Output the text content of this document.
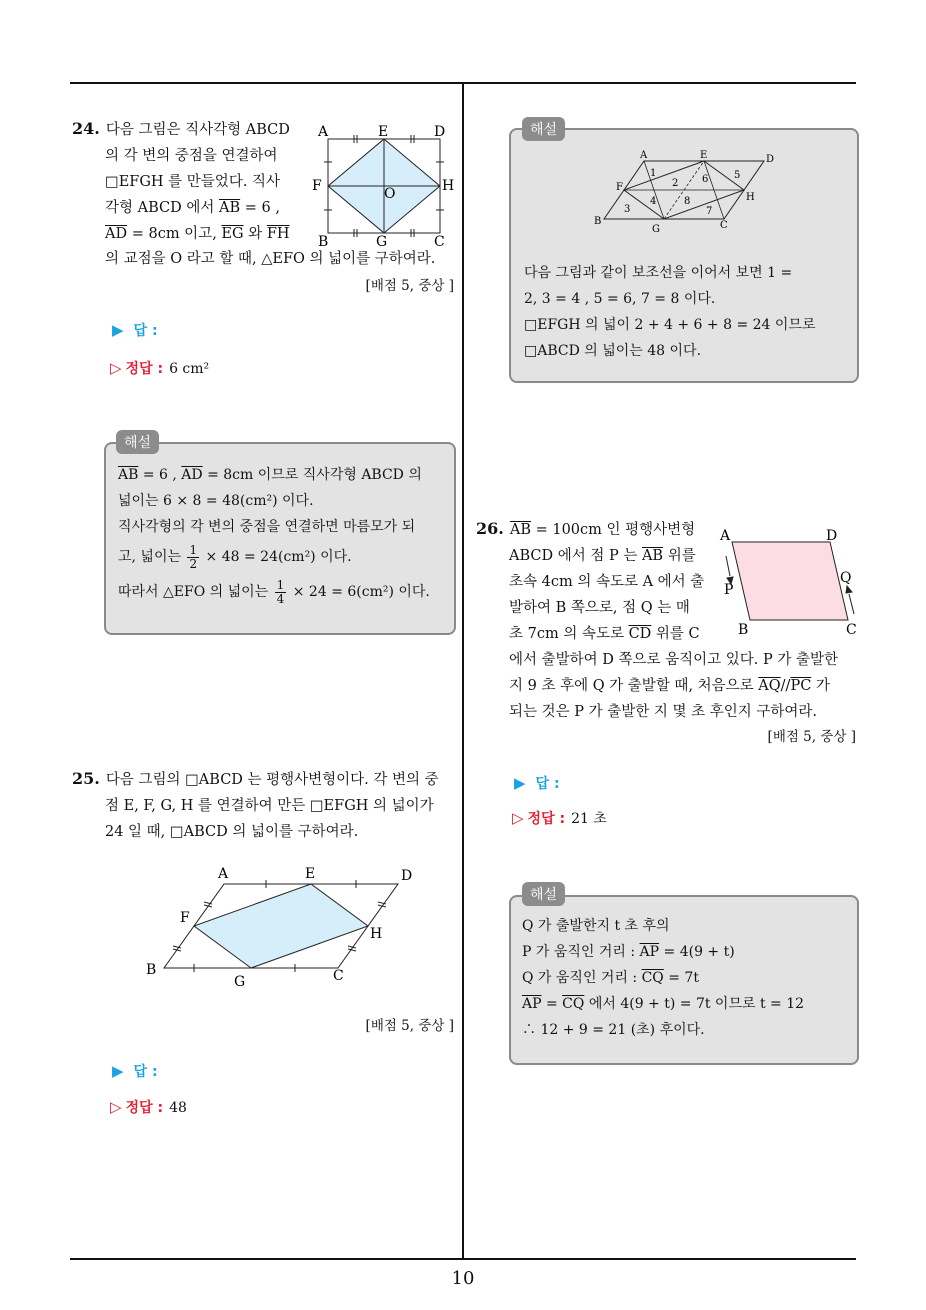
24. 다음 그림은 직사각형 ABCD
의 각 변의 중점을 연결하여
□EFGH 를 만들었다. 직사
각형 ABCD 에서 $\overline{AB} = 6$ ,
$\overline{AD} = 8cm$ 이고, $\overline{EG}$ 와 $\overline{FH}$
의 교점을 O 라고 할 때, △EFO 의 넓이를 구하여라.
A	E	D
F	O	H
B	G	C
[배점 5, 중상 ]
▶ 답 :
▷ 정답 : 6 cm²
해설
$\overline{AB} = 6$ , $\overline{AD} = 8cm$ 이므로 직사각형 ABCD 의
넓이는 6 × 8 = 48(cm²) 이다.
직사각형의 각 변의 중점을 연결하면 마름모가 되
고, 넓이는 $\frac{1}{2} \times 48 = 24(cm^2)$ 이다.
따라서 △EFO 의 넓이는 $\frac{1}{4} \times 24 = 6(cm^2)$ 이다.
25. 다음 그림의 □ABCD 는 평행사변형이다. 각 변의 중
점 E, F, G, H 를 연결하여 만든 □EFGH 의 넓이가
24 일 때, □ABCD 의 넓이를 구하여라.
A	E	D
F
H
B
G	C
[배점 5, 중상 ]
▶ 답 :
▷ 정답 : 48
해설
A	E	D
F
H
B
G	C
1
2
3
4
5
6
7
8
다음 그림과 같이 보조선을 이어서 보면 1 =
2, 3 = 4 , 5 = 6, 7 = 8 이다.
□EFGH 의 넓이 2 + 4 + 6 + 8 = 24 이므로
□ABCD 의 넓이는 48 이다.
26. $\overline{AB} = 100cm$ 인 평행사변형
ABCD 에서 점 P 는 $\overline{AB}$ 위를
초속 4cm 의 속도로 A 에서 출
발하여 B 쪽으로, 점 Q 는 매
초 7cm 의 속도로 $\overline{CD}$ 위를 C
에서 출발하여 D 쪽으로 움직이고 있다. P 가 출발한
지 9 초 후에 Q 가 출발할 때, 처음으로 $\overline{AQ}//\overline{PC}$ 가
되는 것은 P 가 출발한 지 몇 초 후인지 구하여라.
A	D
P
Q
B	C
[배점 5, 중상 ]
▶ 답 :
▷ 정답 : 21 초
해설
Q 가 출발한지 t 초 후의
P 가 움직인 거리 : $\overline{AP} = 4(9 + t)$
Q 가 움직인 거리 : $\overline{CQ} = 7t$
$\overline{AP} = \overline{CQ}$ 에서 4(9 + t) = 7t 이므로 t = 12
∴ 12 + 9 = 21 (초) 후이다.
10
